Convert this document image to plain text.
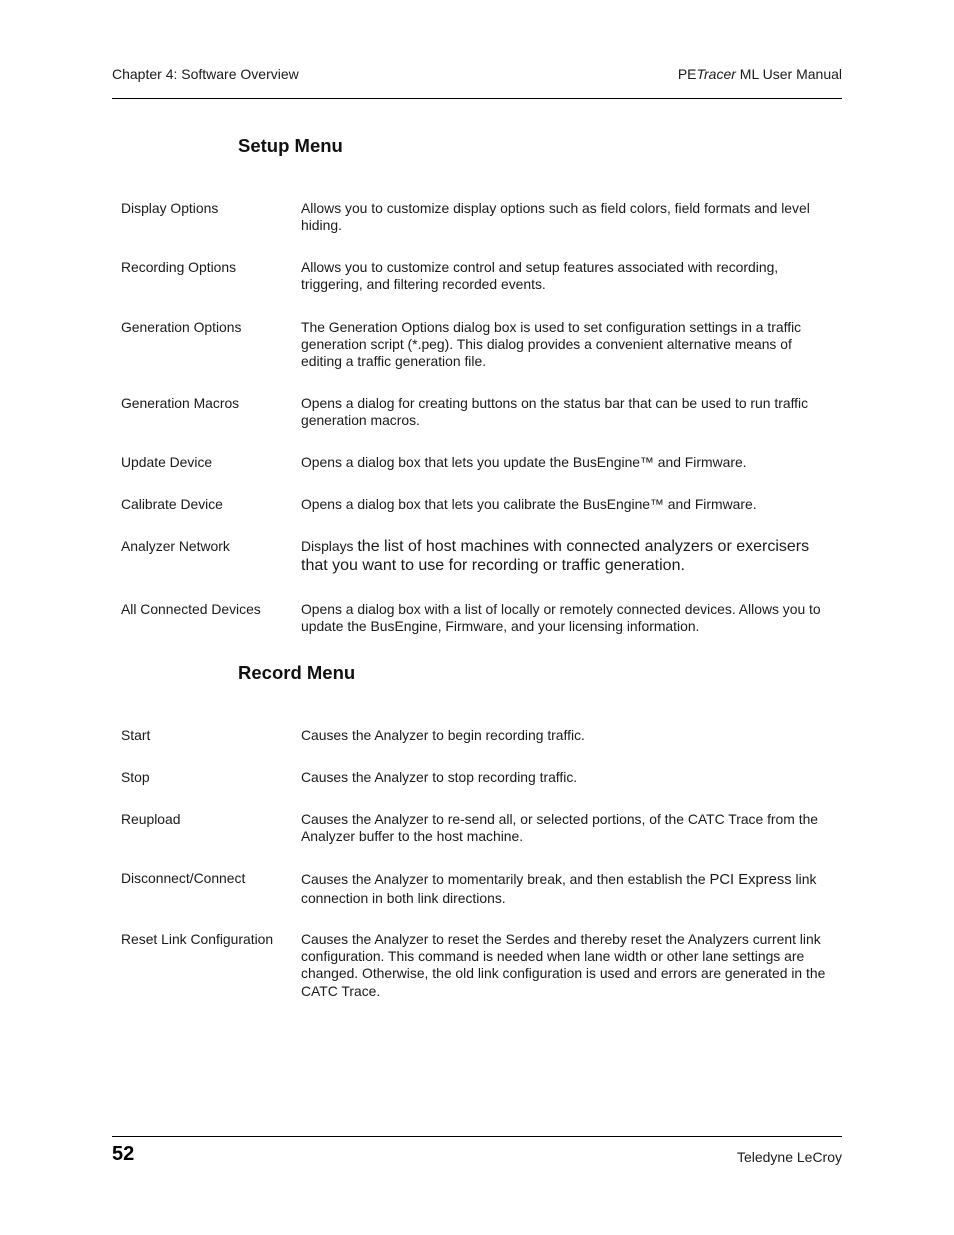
Chapter 4: Software Overview	PETracer ML User Manual
Setup Menu
Display Options	Allows you to customize display options such as field colors, field formats and level hiding.
Recording Options	Allows you to customize control and setup features associated with recording, triggering, and filtering recorded events.
Generation Options	The Generation Options dialog box is used to set configuration settings in a traffic generation script (*.peg). This dialog provides a convenient alternative means of editing a traffic generation file.
Generation Macros	Opens a dialog for creating buttons on the status bar that can be used to run traffic generation macros.
Update Device	Opens a dialog box that lets you update the BusEngine™ and Firmware.
Calibrate Device	Opens a dialog box that lets you calibrate the BusEngine™ and Firmware.
Analyzer Network	Displays the list of host machines with connected analyzers or exercisers that you want to use for recording or traffic generation.
All Connected Devices	Opens a dialog box with a list of locally or remotely connected devices. Allows you to update the BusEngine, Firmware, and your licensing information.
Record Menu
Start	Causes the Analyzer to begin recording traffic.
Stop	Causes the Analyzer to stop recording traffic.
Reupload	Causes the Analyzer to re-send all, or selected portions, of the CATC Trace from the Analyzer buffer to the host machine.
Disconnect/Connect	Causes the Analyzer to momentarily break, and then establish the PCI Express link connection in both link directions.
Reset Link Configuration	Causes the Analyzer to reset the Serdes and thereby reset the Analyzers current link configuration. This command is needed when lane width or other lane settings are changed. Otherwise, the old link configuration is used and errors are generated in the CATC Trace.
52	Teledyne LeCroy
